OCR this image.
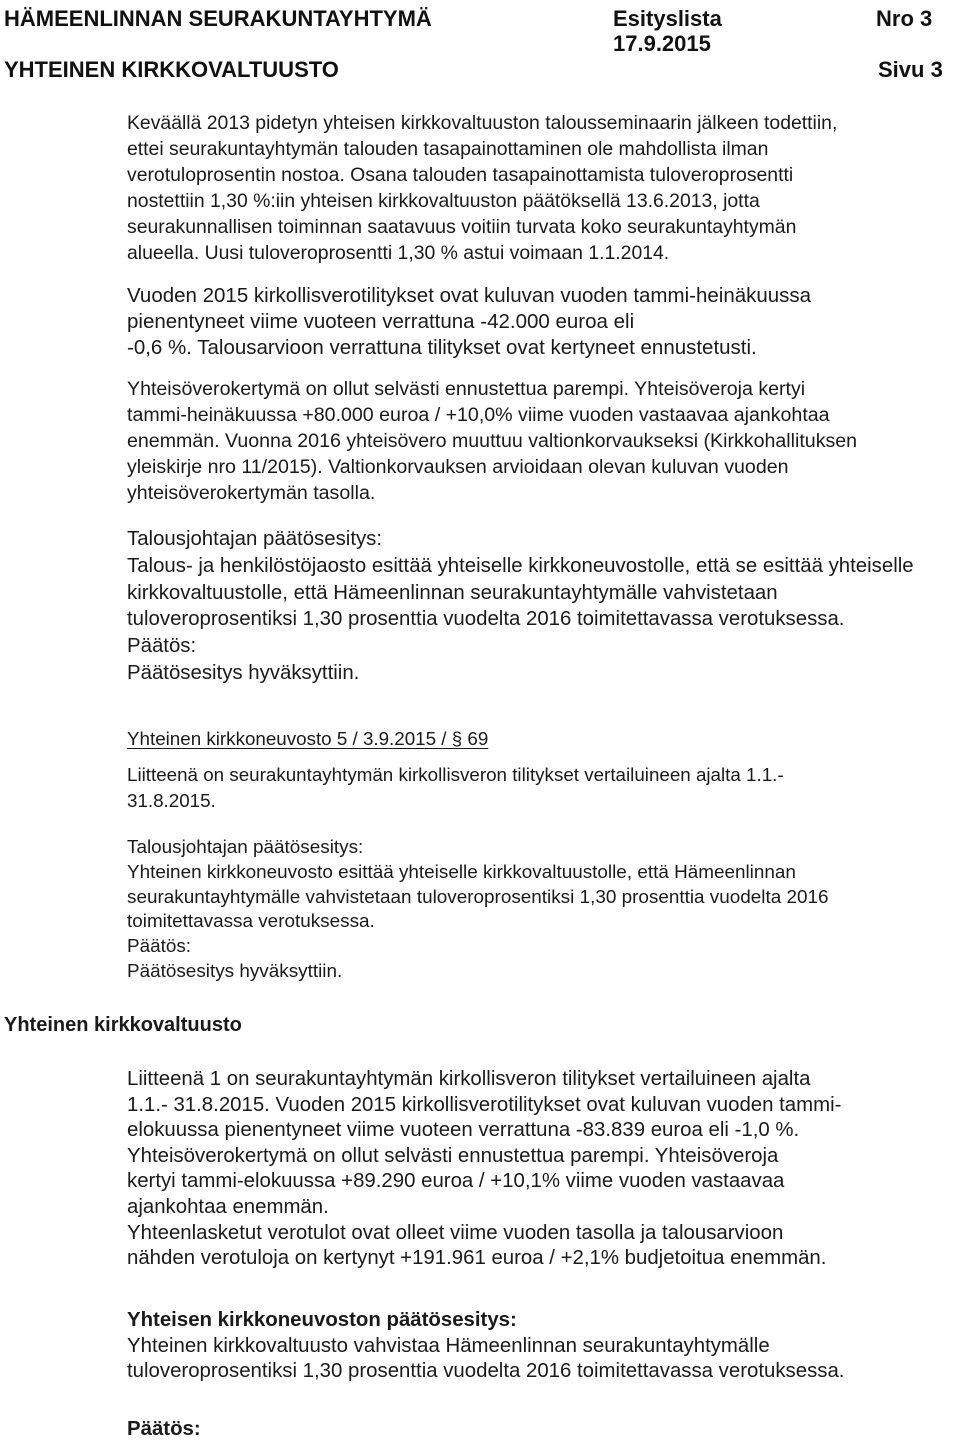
HÄMEENLINNAN SEURAKUNTAYHTYMÄ	Esityslista	Nro 3
17.9.2015
YHTEINEN KIRKKOVALTUUSTO	Sivu 3
Keväällä 2013 pidetyn yhteisen kirkkovaltuuston talousseminaarin jälkeen todettiin,
ettei seurakuntayhtymän talouden tasapainottaminen ole mahdollista ilman
verotuloprosentin nostoa. Osana talouden tasapainottamista tuloveroprosentti
nostettiin 1,30 %:iin yhteisen kirkkovaltuuston päätöksellä 13.6.2013, jotta
seurakunnallisen toiminnan saatavuus voitiin turvata koko seurakuntayhtymän
alueella. Uusi tuloveroprosentti 1,30 % astui voimaan 1.1.2014.
Vuoden 2015 kirkollisverotilitykset ovat kuluvan vuoden tammi-heinäkuussa
pienentyneet viime vuoteen verrattuna -42.000 euroa eli
-0,6 %. Talousarvioon verrattuna tilitykset ovat kertyneet ennustetusti.
Yhteisöverokertymä on ollut selvästi ennustettua parempi. Yhteisöveroja kertyi
tammi-heinäkuussa +80.000 euroa / +10,0% viime vuoden vastaavaa ajankohtaa
enemmän. Vuonna 2016 yhteisövero muuttuu valtionkorvaukseksi (Kirkkohallituksen
yleiskirje nro 11/2015). Valtionkorvauksen arvioidaan olevan kuluvan vuoden
yhteisöverokertymän tasolla.
Talousjohtajan päätösesitys:
Talous- ja henkilöstöjaosto esittää yhteiselle kirkkoneuvostolle, että se esittää yhteiselle
kirkkovaltuustolle, että Hämeenlinnan seurakuntayhtymälle vahvistetaan
tuloveroprosentiksi 1,30 prosenttia vuodelta 2016 toimitettavassa verotuksessa.
Päätös:
Päätösesitys hyväksyttiin.
Yhteinen kirkkoneuvosto 5 / 3.9.2015 / § 69
Liitteenä on seurakuntayhtymän kirkollisveron tilitykset vertailuineen ajalta 1.1.-
31.8.2015.
Talousjohtajan päätösesitys:
Yhteinen kirkkoneuvosto esittää yhteiselle kirkkovaltuustolle, että Hämeenlinnan
seurakuntayhtymälle vahvistetaan tuloveroprosentiksi 1,30 prosenttia vuodelta 2016
toimitettavassa verotuksessa.
Päätös:
Päätösesitys hyväksyttiin.
Yhteinen kirkkovaltuusto
Liitteenä 1 on seurakuntayhtymän kirkollisveron tilitykset vertailuineen ajalta
1.1.- 31.8.2015. Vuoden 2015 kirkollisverotilitykset ovat kuluvan vuoden tammi-
elokuussa pienentyneet viime vuoteen verrattuna -83.839 euroa eli -1,0 %.
Yhteisöverokertymä on ollut selvästi ennustettua parempi. Yhteisöveroja
kertyi tammi-elokuussa +89.290 euroa / +10,1% viime vuoden vastaavaa
ajankohtaa enemmän.
Yhteenlasketut verotulot ovat olleet viime vuoden tasolla ja talousarvioon
nähden verotuloja on kertynyt +191.961 euroa / +2,1% budjetoitua enemmän.
Yhteisen kirkkoneuvoston päätösesitys:
Yhteinen kirkkovaltuusto vahvistaa Hämeenlinnan seurakuntayhtymälle
tuloveroprosentiksi 1,30 prosenttia vuodelta 2016 toimitettavassa verotuksessa.
Päätös:
